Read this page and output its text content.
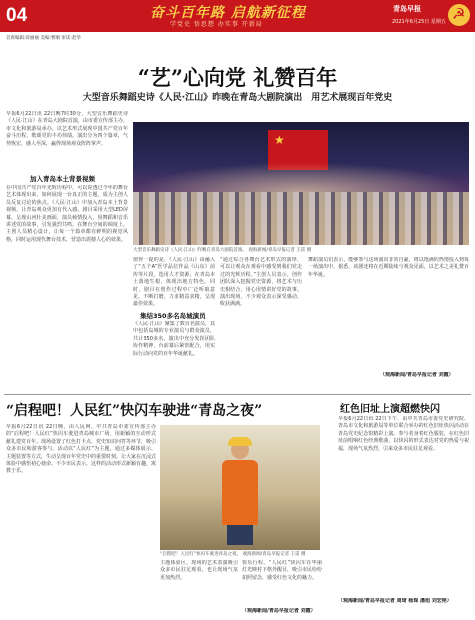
04	奋斗百年路 启航新征程
学党史 悟思想 办实事 开新局
青岛早报
2021年6月25日 星期五
☭
首席编辑:蒋丽丽 美编:曹刚 审读:赵华
“艺”心向党 礼赞百年
大型音乐舞蹈史诗《人民·江山》昨晚在青岛大剧院演出　用艺术展现百年党史
早报6月22日讯 22日晚7时30分，大型音乐舞蹈史诗《人民·江山》在青岛大剧院首演，由市委宣传部主办，市文化和旅游局承办。以艺术形式展现中国共产党百年奋斗历程，歌颂党的丰功伟绩。演出分为四个篇章，气势恢宏，感人至深，赢得现场观众阵阵掌声。
加入青岛本土背景视频
在中国共产党百年光辉历程中，可以说透过今年的舞台艺术体现出来，如何展现一台真正的主题，成为主创人员反复讨论的焦点。《人民·江山》中加入青岛本土背景视频，让青岛观众更加有代入感。剧目采用大型LED屏幕，呈现山河壮美画面，演员倾情投入，用舞蹈和音乐讲述党的故事，引发强烈共鸣。在舞台空间的调度上，主创人员精心设计，让每一个篇章都有鲜明的视觉风格，同时运用现代舞台技术，营造出震撼人心的效果。
★
大型音乐舞蹈史诗《人民·江山》昨晚在青岛大剧院首演。 观海新闻/青岛早报记者 王雷 摄
值得一提的是，《人民·江山》由融入了“五个A”医学品位作品《山东》前传等片段，选用人才资源，在青岛本土落地生根，体现出地方特色。同时，剧目在创作过程中广泛听取意见，不断打磨，力求精益求精，呈现最佳效果。
集结350多名岛城演员
《人民·江山》聚集了数百名演员，其中包括岛城的专业演员与群众演员，共计350多名。演出中充分发挥团队协作精神，台前幕后紧密配合，用实际行动向党的百年华诞献礼。
“通过综合各舞台艺术形式的演绎，可以让观众在观看中感受到我们党走过的光辉历程。”主创人员表示。创作团队深入挖掘党史资源，将艺术与历史相结合，用心用情讲好党的故事。演出现场，不少观众表示深受感动，收获满满。
舞蹈演员们表示，能够参与这场演出非常自豪，将以饱满的热情投入到每一场演出中。据悉，该剧还将在近期陆续与观众见面，以艺术之美礼赞百年华诞。
（观海新闻/青岛早报记者 刘霞）
“启程吧！人民红”快闪车驶进“青岛之夜”
早报6月22日讯 22日晚，由人民网、中共青岛市委宣传部主办的“启程吧！人民红”快闪车驶进青岛城市广场，用新颖的互动形式献礼建党百年。现场设置了红色打卡点、党史知识问答等环节，吸引众多市民和游客参与。活动以“人民红”为主题，通过多媒体展示、主题装置等方式，生动呈现百年党史中的重要时刻，让大家在沉浸式体验中感悟初心使命。不少市民表示，这样的活动形式新颖有趣，寓教于乐。
“启程吧！人民红”快闪车驶进青岛之夜。 观海新闻/青岛早报记者 王雷 摄
主题体验区，现场的艺术表演吸引众多市民驻足观看，也让现场气氛更加热烈。
快乐行程，“人民红”快闪车在华丽灯光映衬下格外醒目，吸引市民纷纷拍照留念，感受红色文化的魅力。
（观海新闻/青岛早报记者 刘霞）
红色旧址上演超燃快闪
早报6月22日讯 22日下午，由中共青岛市委党史研究院、青岛市文化和旅游局等单位联合举办的红色旧址快闪活动在青岛党史纪念馆精彩上演。参与者身着红色服装，在红色旧址前唱响红色经典歌曲，以快闪的形式表达对党的热爱与祝福，现场气氛热烈，引来众多市民驻足观看。
（观海新闻/青岛早报记者 周琦 杨琛 潘旭 刘宏艳）
